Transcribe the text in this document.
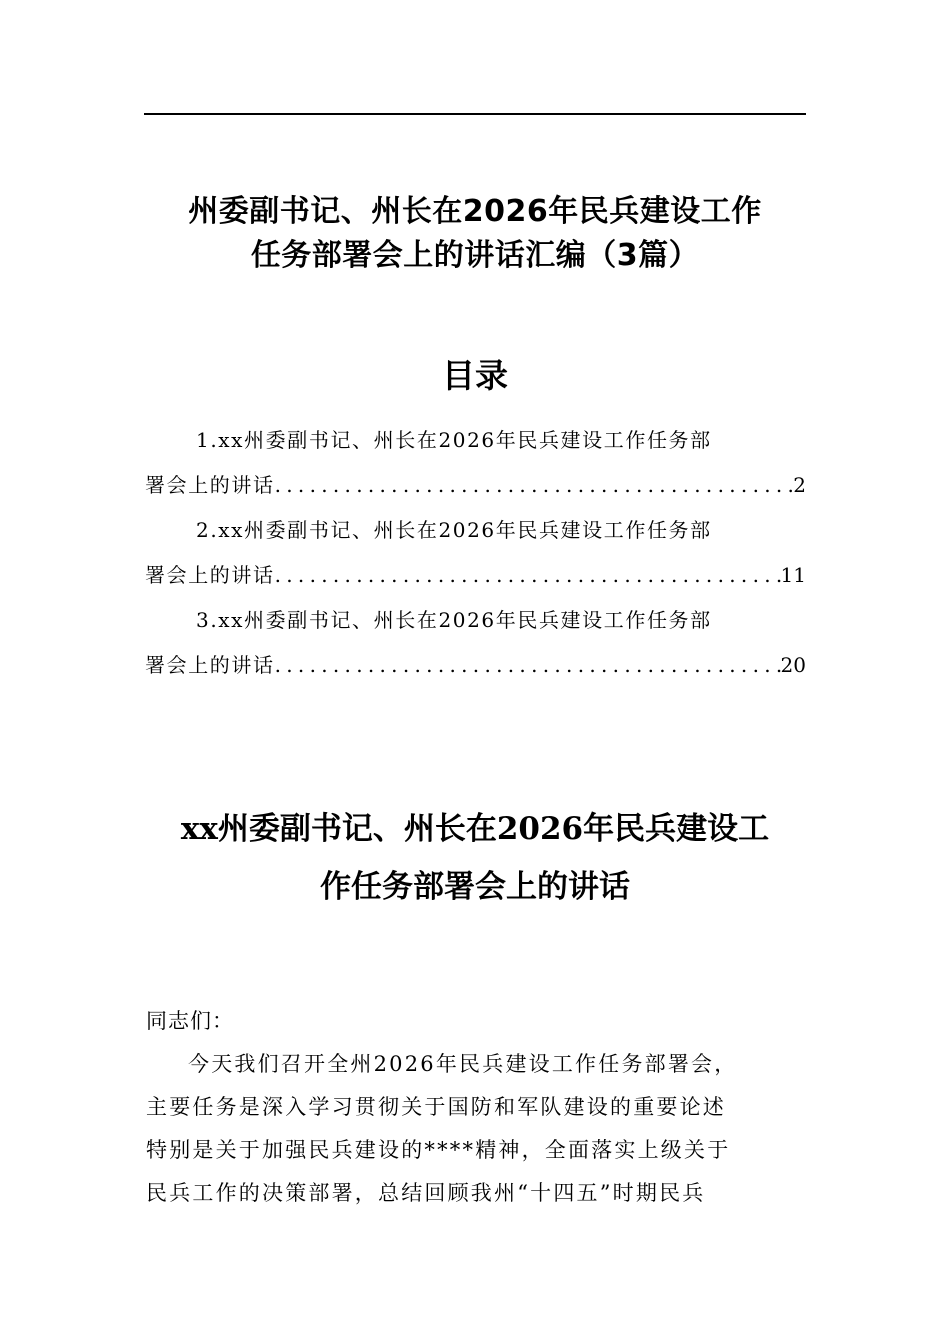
州委副书记、州长在2026年民兵建设工作
任务部署会上的讲话汇编（3篇）
目录
1.xx州委副书记、州长在2026年民兵建设工作任务部
署会上的讲话 .....	2
2.xx州委副书记、州长在2026年民兵建设工作任务部
署会上的讲话 .....	11
3.xx州委副书记、州长在2026年民兵建设工作任务部
署会上的讲话 .....	20
xx州委副书记、州长在2026年民兵建设工
作任务部署会上的讲话
同志们：
今天我们召开全州2026年民兵建设工作任务部署会，
主要任务是深入学习贯彻关于国防和军队建设的重要论述
特别是关于加强民兵建设的****精神，全面落实上级关于
民兵工作的决策部署，总结回顾我州“十四五”时期民兵
